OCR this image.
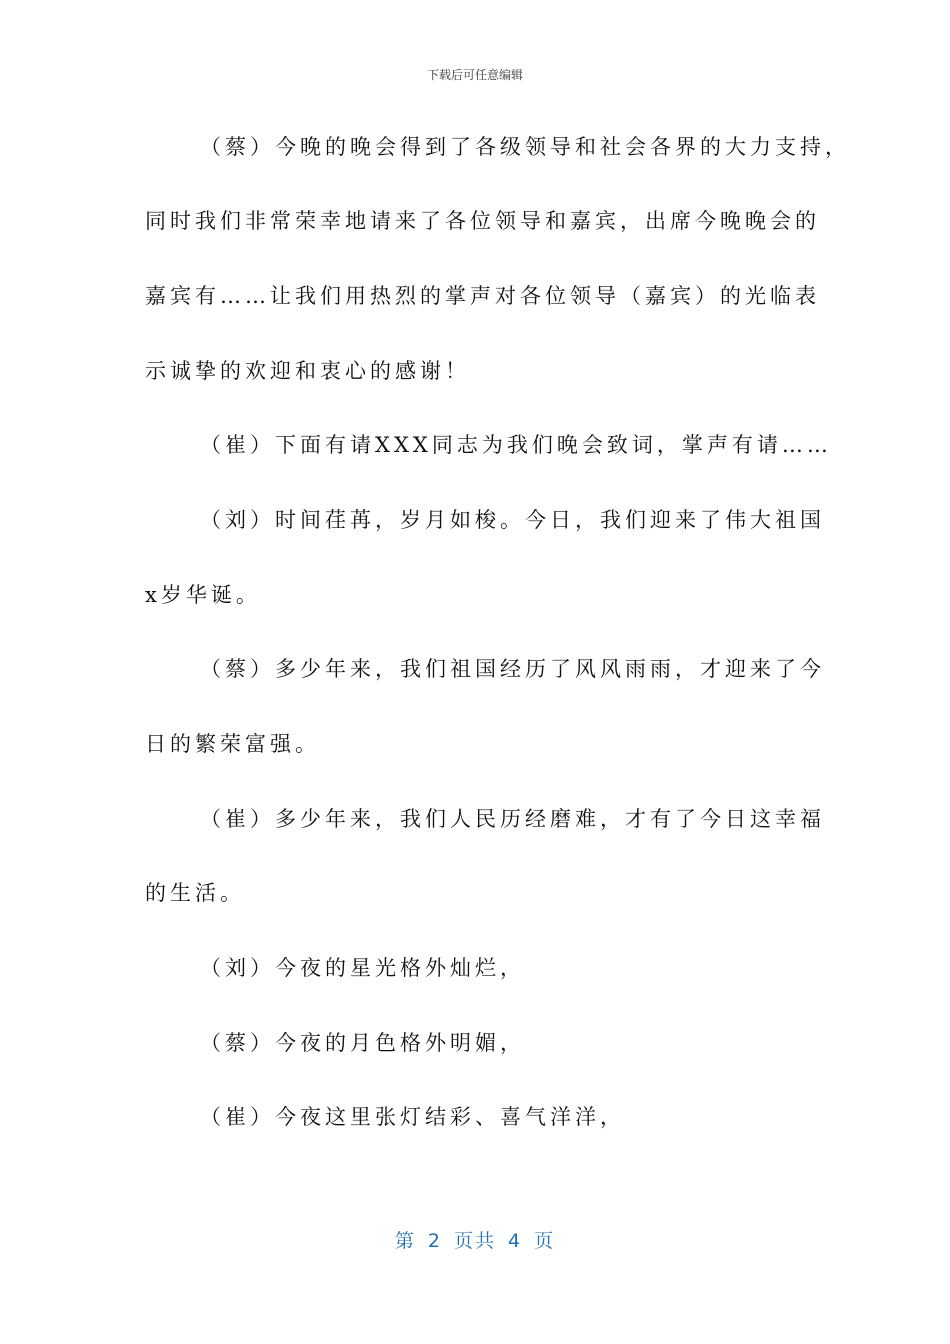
下载后可任意编辑
（蔡）今晚的晚会得到了各级领导和社会各界的大力支持，
同时我们非常荣幸地请来了各位领导和嘉宾，出席今晚晚会的
嘉宾有……让我们用热烈的掌声对各位领导（嘉宾）的光临表
示诚挚的欢迎和衷心的感谢！
（崔）下面有请XXX同志为我们晚会致词，掌声有请……
（刘）时间荏苒，岁月如梭。今日，我们迎来了伟大祖国
x岁华诞。
（蔡）多少年来，我们祖国经历了风风雨雨，才迎来了今
日的繁荣富强。
（崔）多少年来，我们人民历经磨难，才有了今日这幸福
的生活。
（刘）今夜的星光格外灿烂，
（蔡）今夜的月色格外明媚，
（崔）今夜这里张灯结彩、喜气洋洋，
第 2 页共 4 页
